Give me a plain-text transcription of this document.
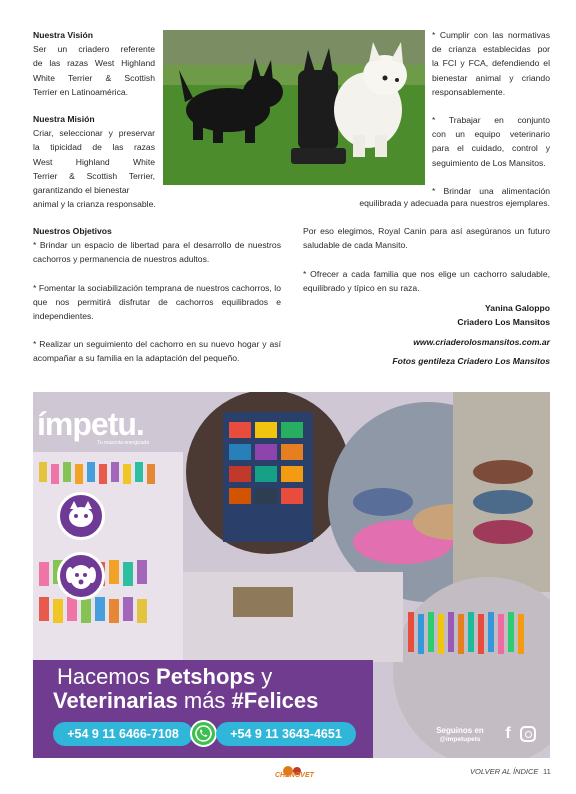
Nuestra Visión

Ser un criadero referente

de las razas West Highland

White Terrier & Scottish

Terrier en Latinoamérica.

Nuestra Misión

Criar, seleccionar y preservar

la tipicidad de las razas

West Highland White

Terrier & Scottish Terrier,

garantizando el bienestar

animal y la crianza responsable.

Nuestros Objetivos

* Brindar un espacio de libertad para el desarrollo de nuestros cachorros y permanencia de nuestros adultos.

* Fomentar la sociabilización temprana de nuestros cachorros, lo que nos permitirá disfrutar de cachorros equilibrados e independientes.

* Realizar un seguimiento del cachorro en su nuevo hogar y así acompañar a su familia en la adaptación del pequeño.

* Cumplir con las normativas

de crianza establecidas por

la FCI y FCA, defendiendo el

bienestar animal y criando

responsablemente.

* Trabajar en conjunto

con un equipo veterinario

para el cuidado, control y

seguimiento de Los Mansitos.

* Brindar una alimentación

equilibrada y adecuada para nuestros ejemplares.

Por eso elegimos, Royal Canin para así asegúranos un futuro saludable de cada Mansito.

* Ofrecer a cada familia que nos elige un cachorro saludable, equilibrado y típico en su raza.

Yanina Galoppo

Criadero Los Mansitos

www.criaderolosmansitos.com.ar

Fotos gentileza Criadero Los Mansitos

ímpetu.
Tu mascota energizada
Hacemos Petshops y
Veterinarias más #Felices
+54 9 11 6466-7108	+54 9 11 3643-4651	Seguinos en
@impetupets	f
CHENOVET	VOLVER AL ÍNDICE 11
